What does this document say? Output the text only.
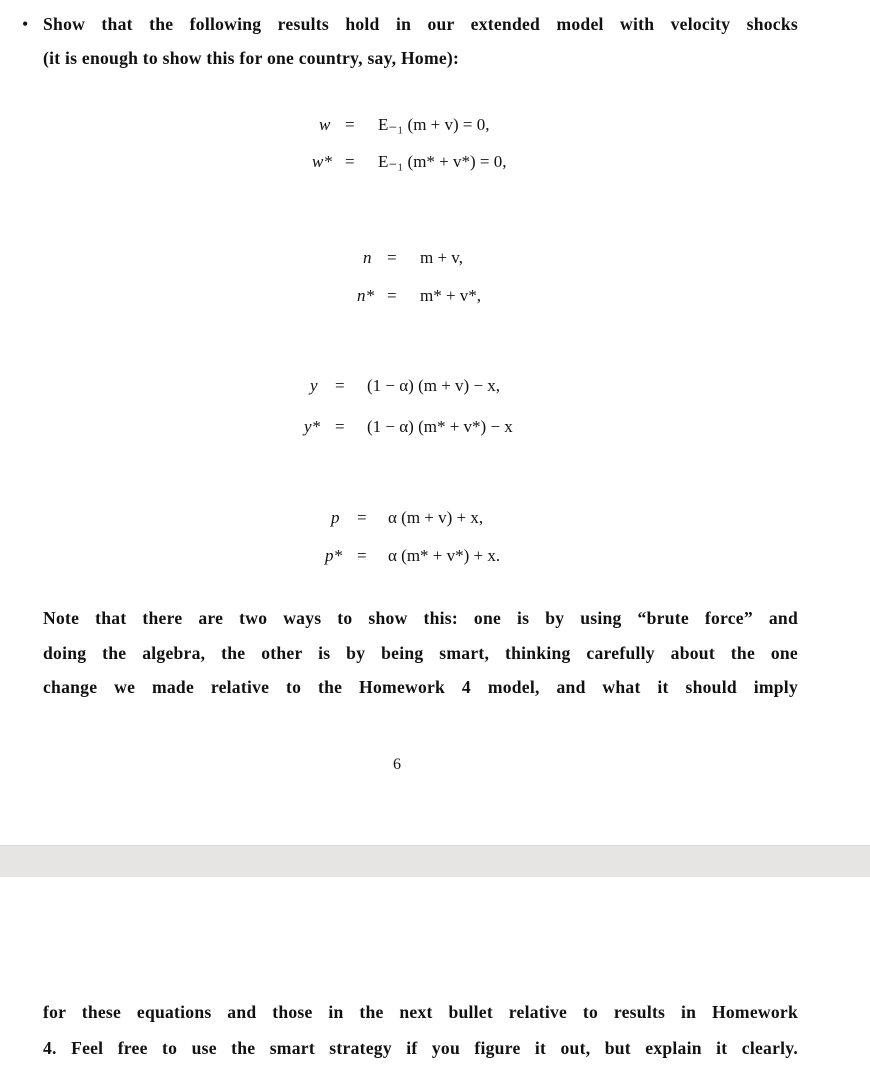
• Show that the following results hold in our extended model with velocity shocks
(it is enough to show this for one country, say, Home):
w = E₋₁ (m + v) = 0,
w* = E₋₁ (m* + v*) = 0,
n = m + v,
n* = m* + v*,
y = (1 − α) (m + v) − x,
y* = (1 − α) (m* + v*) − x
p = α (m + v) + x,
p* = α (m* + v*) + x.
Note that there are two ways to show this: one is by using “brute force” and
doing the algebra, the other is by being smart, thinking carefully about the one
change we made relative to the Homework 4 model, and what it should imply
6
for these equations and those in the next bullet relative to results in Homework
4. Feel free to use the smart strategy if you figure it out, but explain it clearly.
